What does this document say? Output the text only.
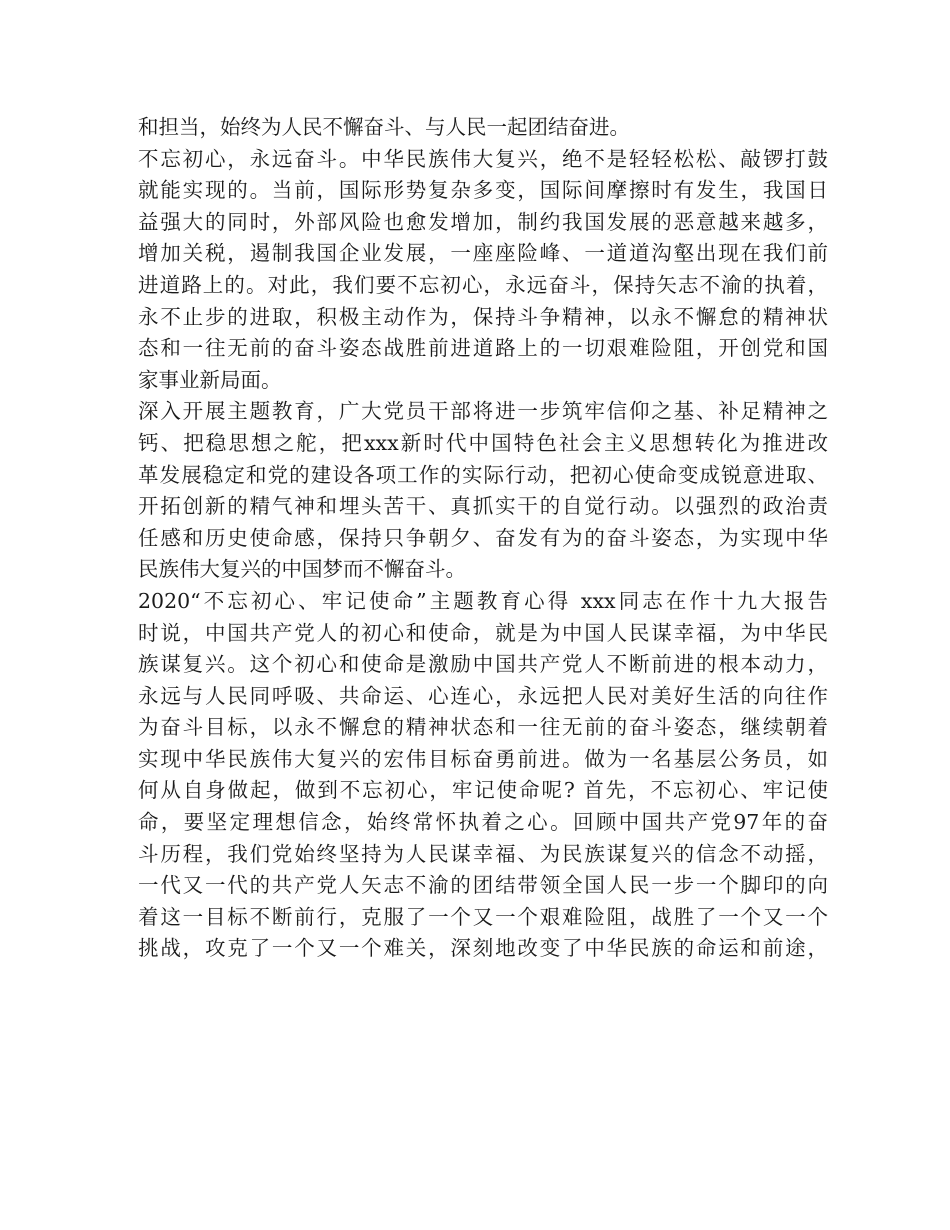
和担当，始终为人民不懈奋斗、与人民一起团结奋进。
不忘初心，永远奋斗。中华民族伟大复兴，绝不是轻轻松松、敲锣打鼓
就能实现的。当前，国际形势复杂多变，国际间摩擦时有发生，我国日
益强大的同时，外部风险也愈发增加，制约我国发展的恶意越来越多，
增加关税，遏制我国企业发展，一座座险峰、一道道沟壑出现在我们前
进道路上的。对此，我们要不忘初心，永远奋斗，保持矢志不渝的执着，
永不止步的进取，积极主动作为，保持斗争精神，以永不懈怠的精神状
态和一往无前的奋斗姿态战胜前进道路上的一切艰难险阻，开创党和国
家事业新局面。
深入开展主题教育，广大党员干部将进一步筑牢信仰之基、补足精神之
钙、把稳思想之舵，把xxx新时代中国特色社会主义思想转化为推进改
革发展稳定和党的建设各项工作的实际行动，把初心使命变成锐意进取、
开拓创新的精气神和埋头苦干、真抓实干的自觉行动。以强烈的政治责
任感和历史使命感，保持只争朝夕、奋发有为的奋斗姿态，为实现中华
民族伟大复兴的中国梦而不懈奋斗。
2020“不忘初心、牢记使命”主题教育心得 xxx同志在作十九大报告
时说，中国共产党人的初心和使命，就是为中国人民谋幸福，为中华民
族谋复兴。这个初心和使命是激励中国共产党人不断前进的根本动力，
永远与人民同呼吸、共命运、心连心，永远把人民对美好生活的向往作
为奋斗目标，以永不懈怠的精神状态和一往无前的奋斗姿态，继续朝着
实现中华民族伟大复兴的宏伟目标奋勇前进。做为一名基层公务员，如
何从自身做起，做到不忘初心，牢记使命呢? 首先，不忘初心、牢记使
命，要坚定理想信念，始终常怀执着之心。回顾中国共产党97年的奋
斗历程，我们党始终坚持为人民谋幸福、为民族谋复兴的信念不动摇，
一代又一代的共产党人矢志不渝的团结带领全国人民一步一个脚印的向
着这一目标不断前行，克服了一个又一个艰难险阻，战胜了一个又一个
挑战，攻克了一个又一个难关，深刻地改变了中华民族的命运和前途，
